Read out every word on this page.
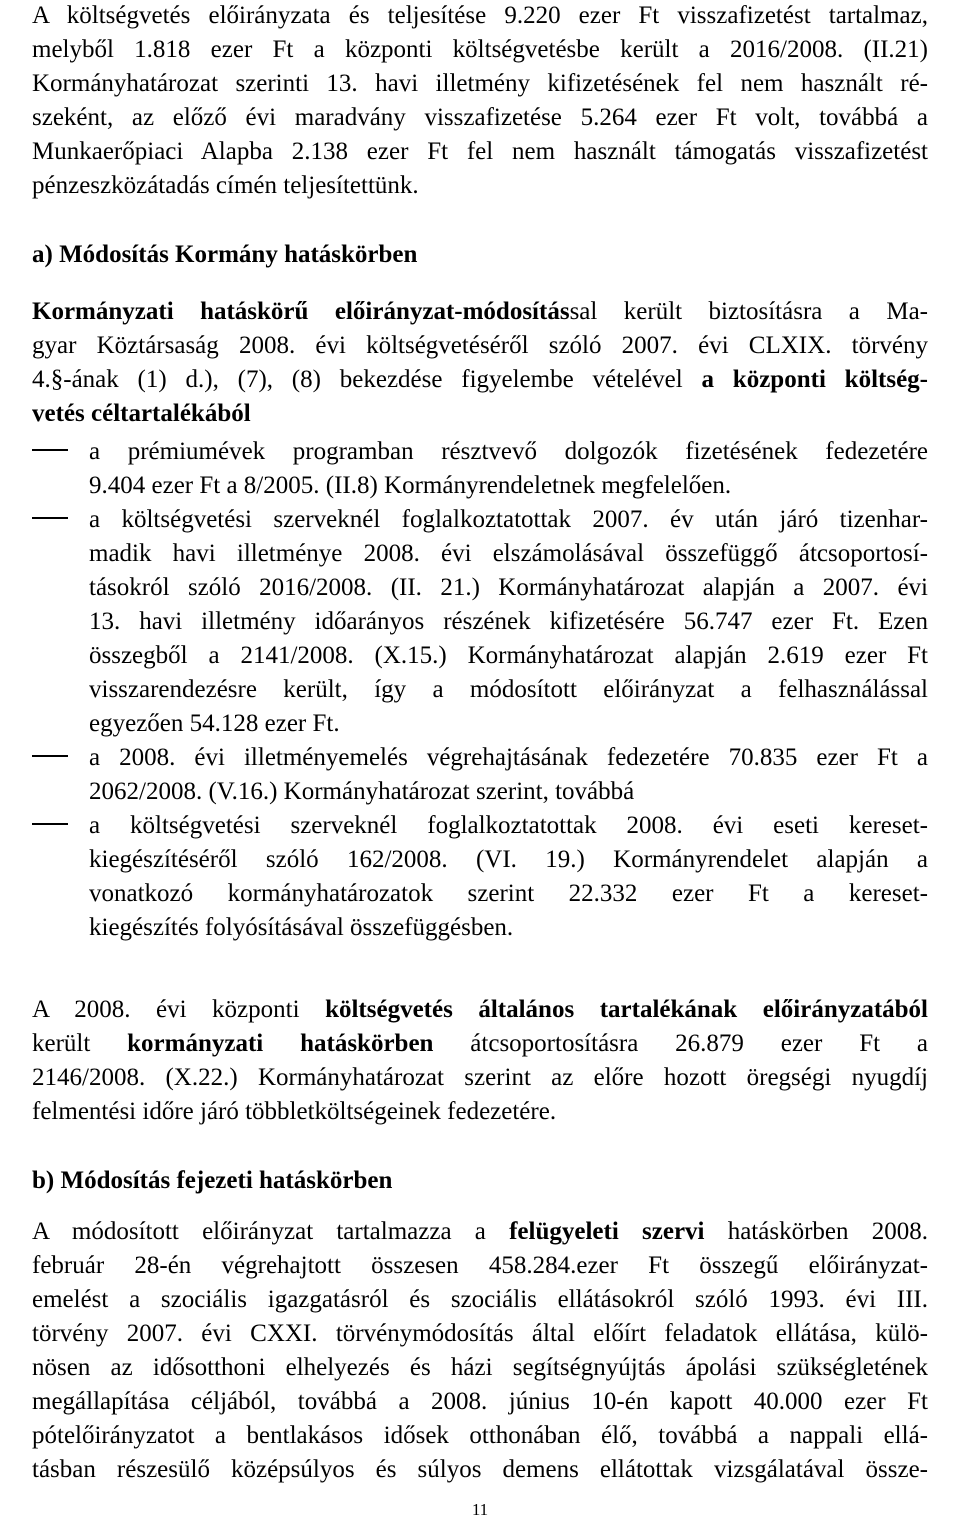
A költségvetés előirányzata és teljesítése 9.220 ezer Ft visszafizetést tartalmaz,
melyből 1.818 ezer Ft a központi költségvetésbe került a 2016/2008. (II.21)
Kormányhatározat szerinti 13. havi illetmény kifizetésének fel nem használt ré-
szeként, az előző évi maradvány visszafizetése 5.264 ezer Ft volt, továbbá a
Munkaerőpiaci Alapba 2.138 ezer Ft fel nem használt támogatás visszafizetést
pénzeszközátadás címén teljesítettünk.
a) Módosítás Kormány hatáskörben
Kormányzati hatáskörű előirányzat-módosítással került biztosításra a Ma-
gyar Köztársaság 2008. évi költségvetéséről szóló 2007. évi CLXIX. törvény
4.§-ának (1) d.), (7), (8) bekezdése figyelembe vételével a központi költség-
vetés céltartalékából
a prémiumévek programban résztvevő dolgozók fizetésének fedezetére
9.404 ezer Ft a 8/2005. (II.8) Kormányrendeletnek megfelelően.
a költségvetési szerveknél foglalkoztatottak 2007. év után járó tizenhar-
madik havi illetménye 2008. évi elszámolásával összefüggő átcsoportosí-
tásokról szóló 2016/2008. (II. 21.) Kormányhatározat alapján a 2007. évi
13. havi illetmény időarányos részének kifizetésére 56.747 ezer Ft. Ezen
összegből a 2141/2008. (X.15.) Kormányhatározat alapján 2.619 ezer Ft
visszarendezésre került, így a módosított előirányzat a felhasználással
egyezően 54.128 ezer Ft.
a 2008. évi illetményemelés végrehajtásának fedezetére 70.835 ezer Ft a
2062/2008. (V.16.) Kormányhatározat szerint, továbbá
a költségvetési szerveknél foglalkoztatottak 2008. évi eseti kereset-
kiegészítéséről szóló 162/2008. (VI. 19.) Kormányrendelet alapján a
vonatkozó kormányhatározatok szerint 22.332 ezer Ft a kereset-
kiegészítés folyósításával összefüggésben.
A 2008. évi központi költségvetés általános tartalékának előirányzatából
került kormányzati hatáskörben átcsoportosításra 26.879 ezer Ft a
2146/2008. (X.22.) Kormányhatározat szerint az előre hozott öregségi nyugdíj
felmentési időre járó többletköltségeinek fedezetére.
b) Módosítás fejezeti hatáskörben
A módosított előirányzat tartalmazza a felügyeleti szervi hatáskörben 2008.
február 28-én végrehajtott összesen 458.284.ezer Ft összegű előirányzat-
emelést a szociális igazgatásról és szociális ellátásokról szóló 1993. évi III.
törvény 2007. évi CXXI. törvénymódosítás által előírt feladatok ellátása, külö-
nösen az idősotthoni elhelyezés és házi segítségnyújtás ápolási szükségletének
megállapítása céljából, továbbá a 2008. június 10-én kapott 40.000 ezer Ft
pótelőirányzatot a bentlakásos idősek otthonában élő, továbbá a nappali ellá-
tásban részesülő középsúlyos és súlyos demens ellátottak vizsgálatával össze-
11
